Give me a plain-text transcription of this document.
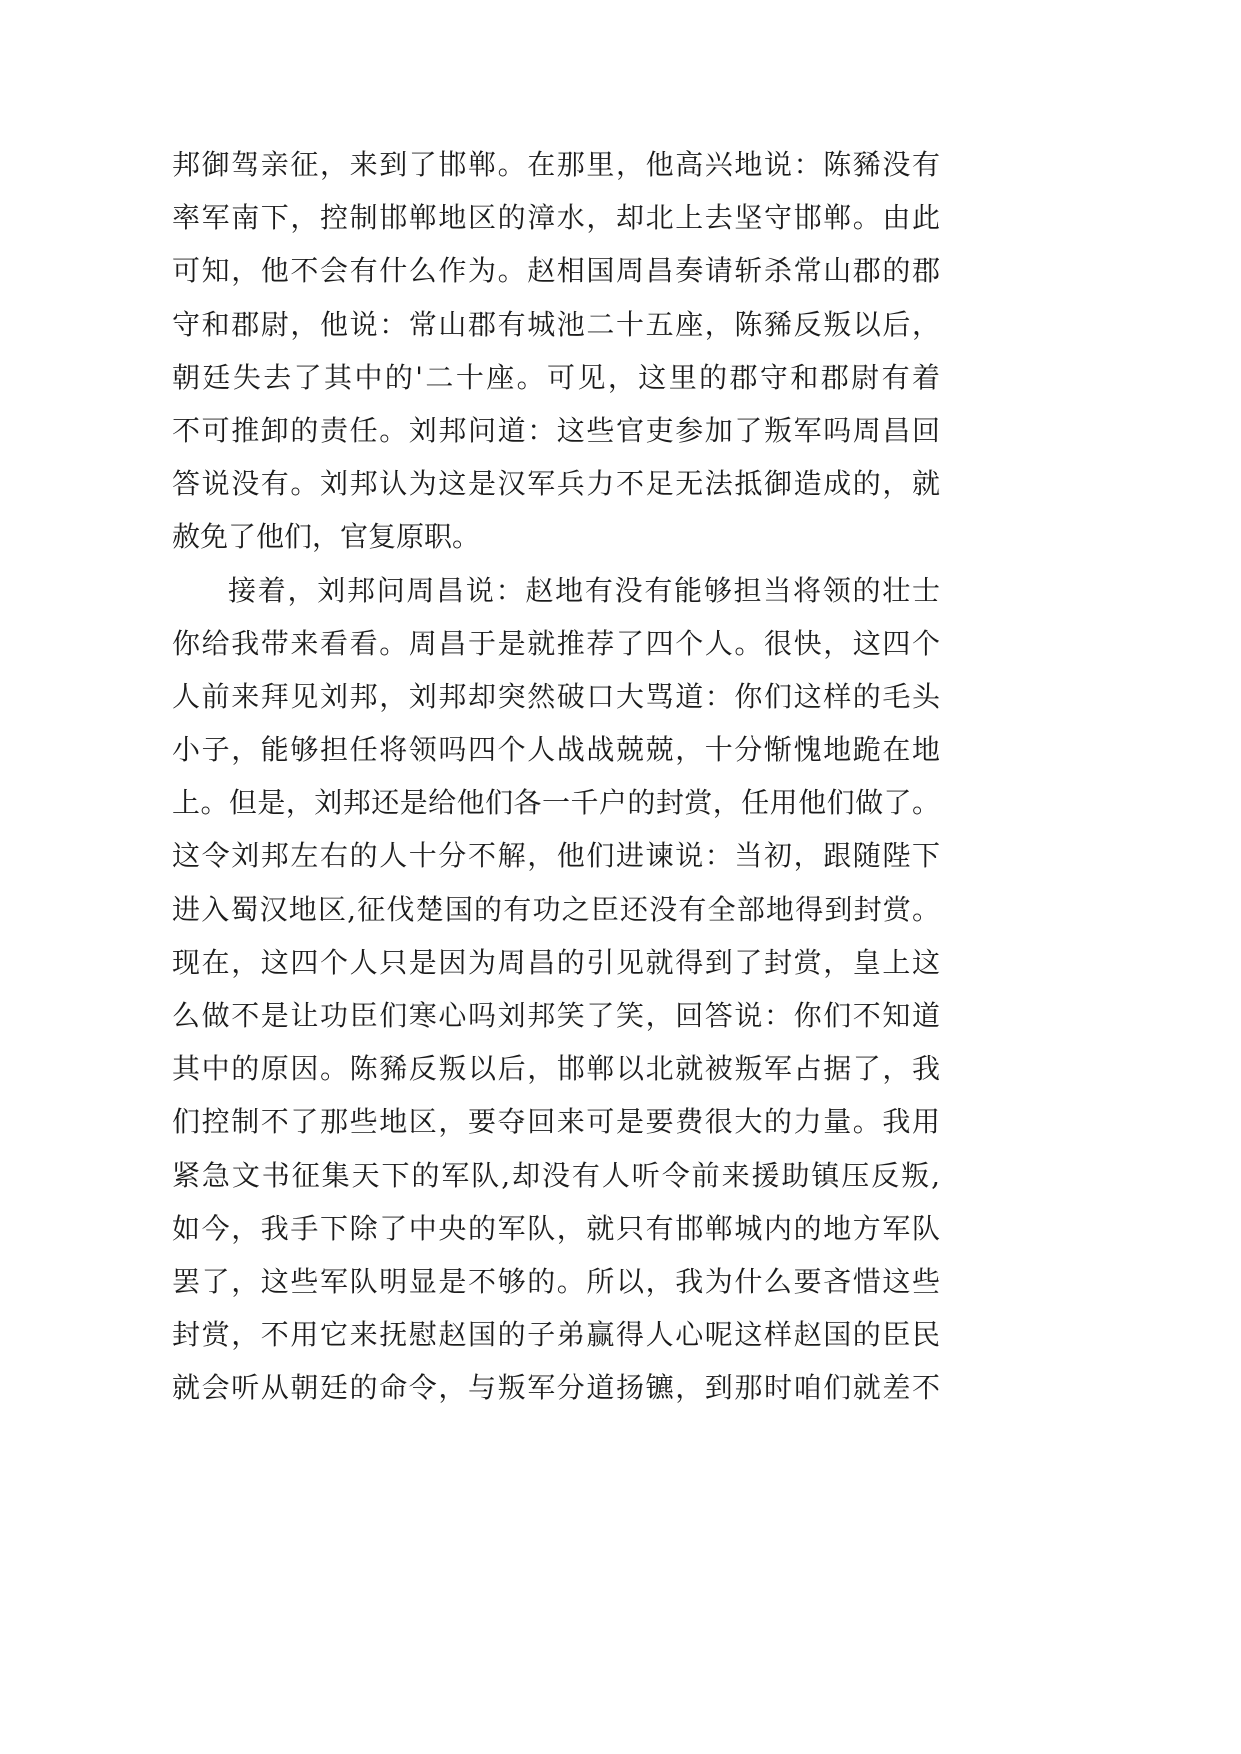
邦御驾亲征，来到了邯郸。在那里，他高兴地说：陈豨没有
率军南下，控制邯郸地区的漳水，却北上去坚守邯郸。由此
可知，他不会有什么作为。赵相国周昌奏请斩杀常山郡的郡
守和郡尉，他说：常山郡有城池二十五座，陈豨反叛以后，
朝廷失去了其中的'二十座。可见，这里的郡守和郡尉有着
不可推卸的责任。刘邦问道：这些官吏参加了叛军吗周昌回
答说没有。刘邦认为这是汉军兵力不足无法抵御造成的，就
赦免了他们，官复原职。
接着，刘邦问周昌说：赵地有没有能够担当将领的壮士
你给我带来看看。周昌于是就推荐了四个人。很快，这四个
人前来拜见刘邦，刘邦却突然破口大骂道：你们这样的毛头
小子，能够担任将领吗四个人战战兢兢，十分惭愧地跪在地
上。但是，刘邦还是给他们各一千户的封赏，任用他们做了。
这令刘邦左右的人十分不解，他们进谏说：当初，跟随陛下
进入蜀汉地区,征伐楚国的有功之臣还没有全部地得到封赏。
现在，这四个人只是因为周昌的引见就得到了封赏，皇上这
么做不是让功臣们寒心吗刘邦笑了笑，回答说：你们不知道
其中的原因。陈豨反叛以后，邯郸以北就被叛军占据了，我
们控制不了那些地区，要夺回来可是要费很大的力量。我用
紧急文书征集天下的军队,却没有人听令前来援助镇压反叛,
如今，我手下除了中央的军队，就只有邯郸城内的地方军队
罢了，这些军队明显是不够的。所以，我为什么要吝惜这些
封赏，不用它来抚慰赵国的子弟赢得人心呢这样赵国的臣民
就会听从朝廷的命令，与叛军分道扬镳，到那时咱们就差不
